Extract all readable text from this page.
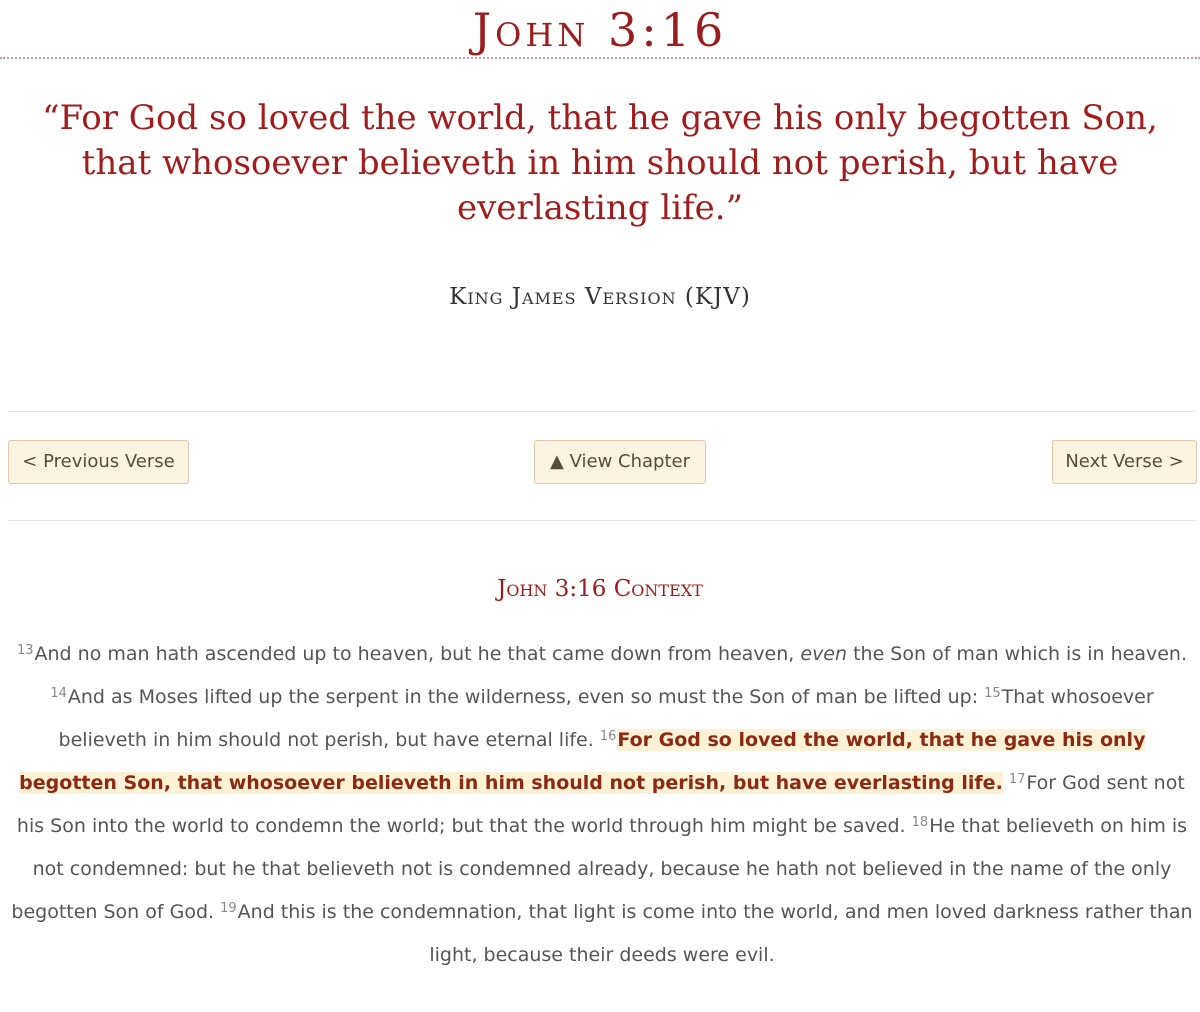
John 3:16

“For God so loved the world, that he gave his only begotten Son, that whosoever believeth in him should not perish, but have everlasting life.”

King James Version (KJV)
< Previous Verse	▲ View Chapter	Next Verse >
John 3:16 Context

$^{13}$And no man hath ascended up to heaven, but he that came down from heaven, even the Son of man which is in heaven. $^{14}$And as Moses lifted up the serpent in the wilderness, even so must the Son of man be lifted up: $^{15}$That whosoever believeth in him should not perish, but have eternal life. $^{16}$For God so loved the world, that he gave his only begotten Son, that whosoever believeth in him should not perish, but have everlasting life. $^{17}$For God sent not his Son into the world to condemn the world; but that the world through him might be saved. $^{18}$He that believeth on him is not condemned: but he that believeth not is condemned already, because he hath not believed in the name of the only begotten Son of God. $^{19}$And this is the condemnation, that light is come into the world, and men loved darkness rather than light, because their deeds were evil.
